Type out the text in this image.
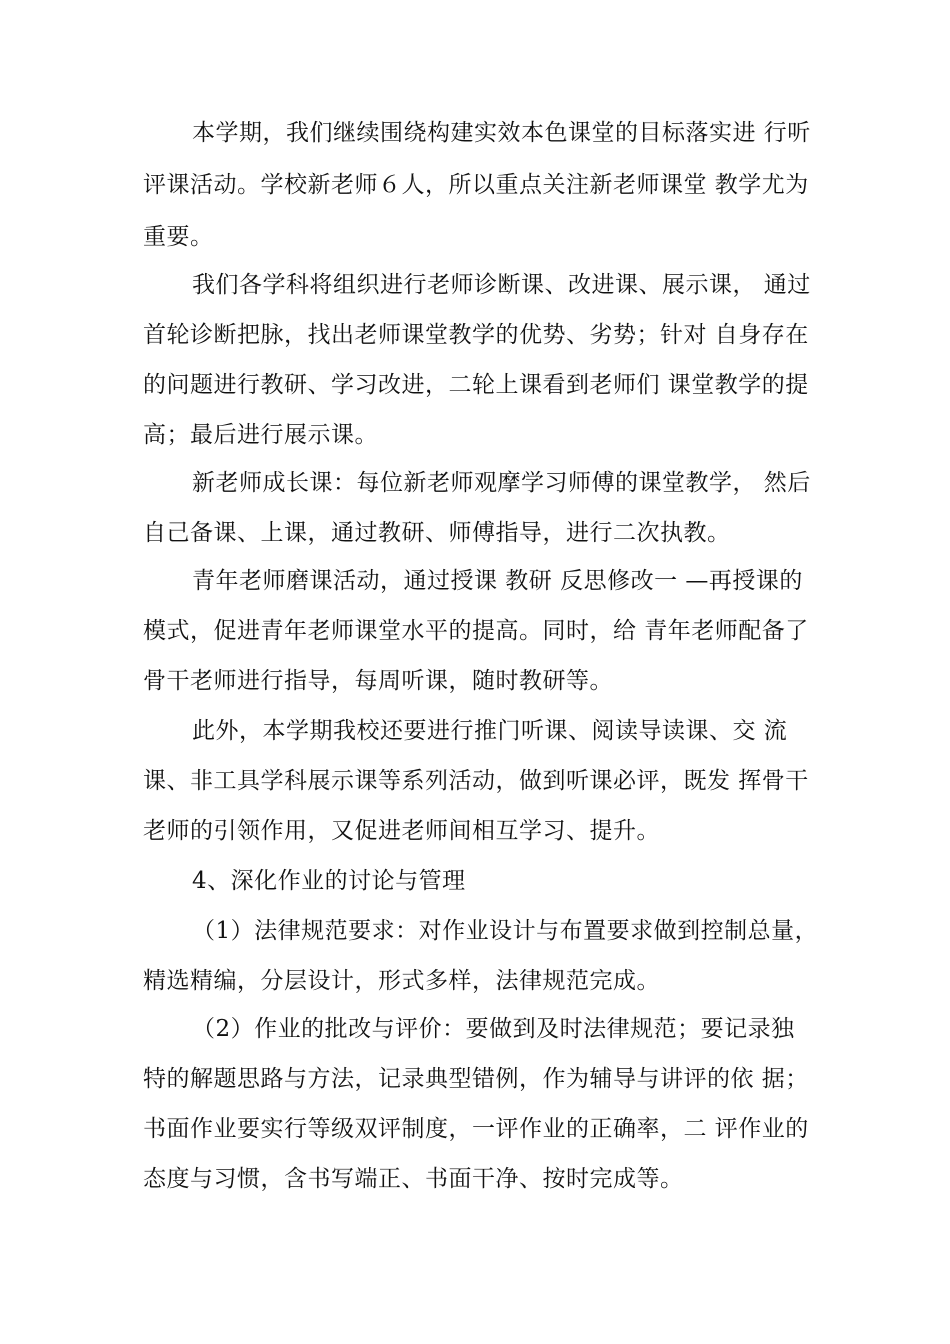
本学期，我们继续围绕构建实效本色课堂的目标落实进 行听
评课活动。学校新老师６人，所以重点关注新老师课堂 教学尤为
重要。
我们各学科将组织进行老师诊断课、改进课、展示课， 通过
首轮诊断把脉，找出老师课堂教学的优势、劣势；针对 自身存在
的问题进行教研、学习改进，二轮上课看到老师们 课堂教学的提
高；最后进行展示课。
新老师成长课：每位新老师观摩学习师傅的课堂教学， 然后
自己备课、上课，通过教研、师傅指导，进行二次执教。
青年老师磨课活动，通过授课 教研 反思修改一 —再授课的
模式，促进青年老师课堂水平的提高。同时，给 青年老师配备了
骨干老师进行指导，每周听课，随时教研等。
此外，本学期我校还要进行推门听课、阅读导读课、交 流
课、非工具学科展示课等系列活动，做到听课必评，既发 挥骨干
老师的引领作用，又促进老师间相互学习、提升。
4、深化作业的讨论与管理
（1）法律规范要求：对作业设计与布置要求做到控制总量，
精选精编，分层设计，形式多样，法律规范完成。
（2）作业的批改与评价：要做到及时法律规范；要记录独
特的解题思路与方法，记录典型错例，作为辅导与讲评的依 据；
书面作业要实行等级双评制度，一评作业的正确率，二 评作业的
态度与习惯，含书写端正、书面干净、按时完成等。
